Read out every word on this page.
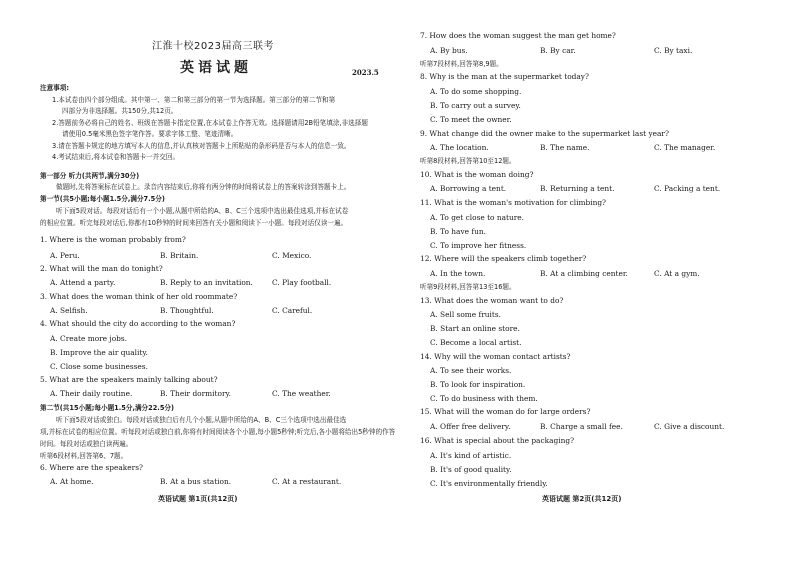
江淮十校2023届高三联考
英语试题	2023.5
注意事项:
1.本试卷由四个部分组成。其中第一、第二和第三部分的第一节为选择题。第三部分的第二节和第
四部分为非选择题。共150分,共12页。
2.答题前务必将自己的姓名、班级在答题卡指定位置,在本试卷上作答无效。选择题请用2B铅笔填涂,非选择题
请使用0.5毫米黑色签字笔作答。要求字体工整、笔迹清晰。
3.请在答题卡规定的地方填写本人的信息,并认真核对答题卡上所粘贴的条形码是否与本人的信息一致。
4.考试结束后,将本试卷和答题卡一并交回。
第一部分 听力(共两节,满分30分)
做题时,先将答案标在试卷上。录音内容结束后,你将有两分钟的时间将试卷上的答案转涂到答题卡上。
第一节(共5小题;每小题1.5分,满分7.5分)
听下面5段对话。每段对话后有一个小题,从题中所给的A、B、C三个选项中选出最佳选项,并标在试卷
的相应位置。听完每段对话后,你都有10秒钟的时间来回答有关小题和阅读下一小题。每段对话仅读一遍。
1. Where is the woman probably from?
A. Peru.	B. Britain.	C. Mexico.
2. What will the man do tonight?
A. Attend a party.	B. Reply to an invitation.	C. Play football.
3. What does the woman think of her old roommate?
A. Selfish.	B. Thoughtful.	C. Careful.
4. What should the city do according to the woman?
A. Create more jobs.
B. Improve the air quality.
C. Close some businesses.
5. What are the speakers mainly talking about?
A. Their daily routine.	B. Their dormitory.	C. The weather.
第二节(共15小题;每小题1.5分,满分22.5分)
听下面5段对话或独白。每段对话或独白后有几个小题,从题中所给的A、B、C三个选项中选出最佳选
项,并标在试卷的相应位置。听每段对话或独白前,你将有时间阅读各个小题,每小题5秒钟;听完后,各小题将给出5秒钟的作答
时间。每段对话或独白读两遍。
听第6段材料,回答第6、7题。
6. Where are the speakers?
A. At home.	B. At a bus station.	C. At a restaurant.
英语试题 第1页(共12页)
7. How does the woman suggest the man get home?
A. By bus.	B. By car.	C. By taxi.
听第7段材料,回答第8,9题。
8. Why is the man at the supermarket today?
A. To do some shopping.
B. To carry out a survey.
C. To meet the owner.
9. What change did the owner make to the supermarket last year?
A. The location.	B. The name.	C. The manager.
听第8段材料,回答第10至12题。
10. What is the woman doing?
A. Borrowing a tent.	B. Returning a tent.	C. Packing a tent.
11. What is the woman's motivation for climbing?
A. To get close to nature.
B. To have fun.
C. To improve her fitness.
12. Where will the speakers climb together?
A. In the town.	B. At a climbing center.	C. At a gym.
听第9段材料,回答第13至16题。
13. What does the woman want to do?
A. Sell some fruits.
B. Start an online store.
C. Become a local artist.
14. Why will the woman contact artists?
A. To see their works.
B. To look for inspiration.
C. To do business with them.
15. What will the woman do for large orders?
A. Offer free delivery.	B. Charge a small fee.	C. Give a discount.
16. What is special about the packaging?
A. It's kind of artistic.
B. It's of good quality.
C. It's environmentally friendly.
英语试题 第2页(共12页)
